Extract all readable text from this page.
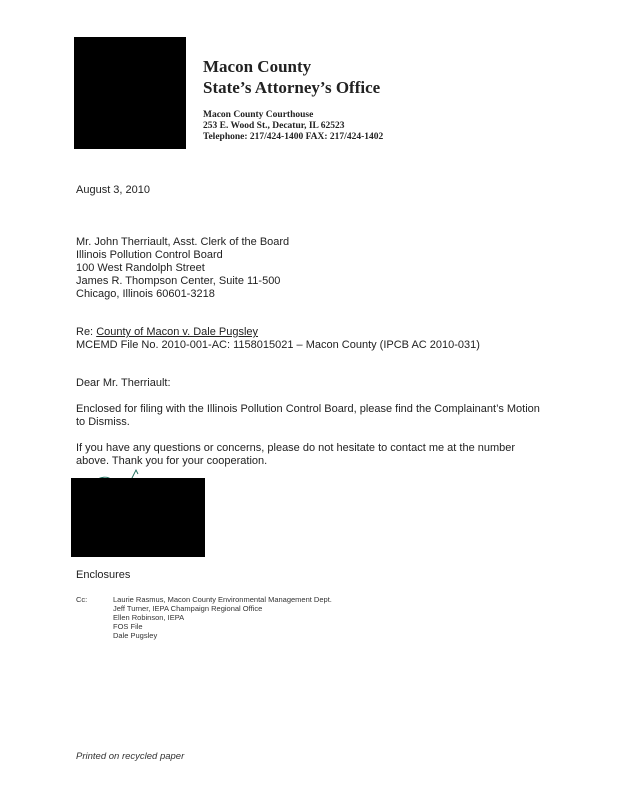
Macon County
State’s Attorney’s Office
Macon County Courthouse
253 E. Wood St., Decatur, IL 62523
Telephone: 217/424-1400 FAX: 217/424-1402
August 3, 2010
Mr. John Therriault, Asst. Clerk of the Board
Illinois Pollution Control Board
100 West Randolph Street
James R. Thompson Center, Suite 11-500
Chicago, Illinois 60601-3218
Re: County of Macon v. Dale Pugsley
MCEMD File No. 2010-001-AC: 1158015021 – Macon County (IPCB AC 2010-031)
Dear Mr. Therriault:
Enclosed for filing with the Illinois Pollution Control Board, please find the Complainant’s Motion
to Dismiss.
If you have any questions or concerns, please do not hesitate to contact me at the number
above. Thank you for your cooperation.
Enclosures
Cc:	Laurie Rasmus, Macon County Environmental Management Dept.
Jeff Turner, IEPA Champaign Regional Office
Ellen Robinson, IEPA
FOS File
Dale Pugsley
Printed on recycled paper
